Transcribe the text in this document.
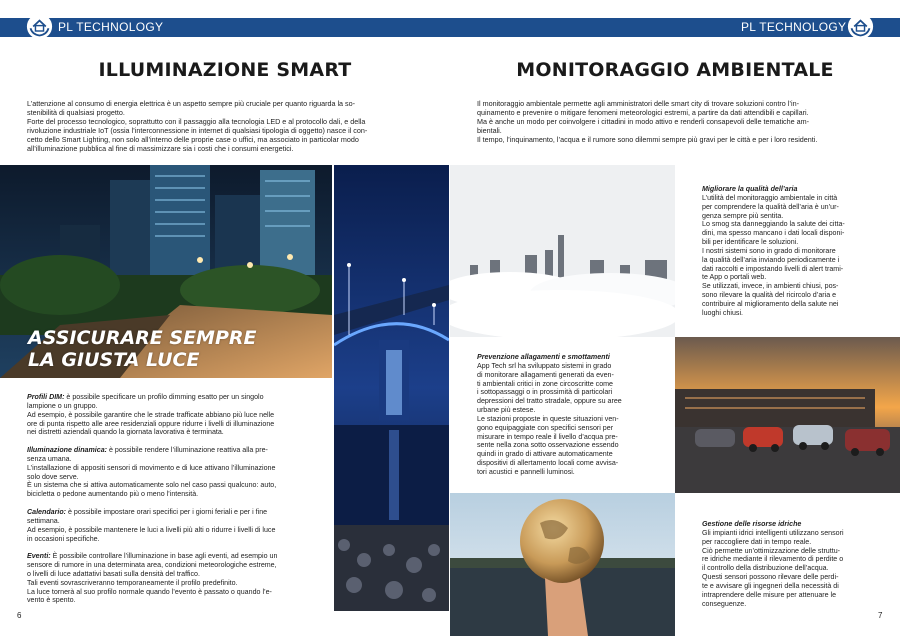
PL TECHNOLOGY	PL TECHNOLOGY
ILLUMINAZIONE SMART	MONITORAGGIO AMBIENTALE

L’attenzione al consumo di energia elettrica è un aspetto sempre più cruciale per quanto riguarda la so-

stenibilità di qualsiasi progetto.

Forte del processo tecnologico, soprattutto con il passaggio alla tecnologia LED e al protocollo dali, e della

rivoluzione industriale IoT (ossia l’interconnessione in internet di qualsiasi tipologia di oggetto) nasce il con-

cetto dello Smart Lighting, non solo all’interno delle proprie case o uffici, ma associato in particolar modo

all’illuminazione pubblica al fine di massimizzare sia i costi che i consumi energetici.

Il monitoraggio ambientale permette agli amministratori delle smart city di trovare soluzioni contro l’in-

quinamento e prevenire o mitigare fenomeni meteorologici estremi, a partire da dati attendibili e capillari.

Ma è anche un modo per coinvolgere i cittadini in modo attivo e renderli consapevoli delle tematiche am-

bientali.

Il tempo, l’inquinamento, l’acqua e il rumore sono dilemmi sempre più gravi per le città e per i loro residenti.

ASSICURARE SEMPRE
LA GIUSTA LUCE

Profili DIM: è possibile specificare un profilo dimming esatto per un singolo

lampione o un gruppo.

Ad esempio, è possibile garantire che le strade trafficate abbiano più luce nelle

ore di punta rispetto alle aree residenziali oppure ridurre i livelli di illuminazione

nei distretti aziendali quando la giornata lavorativa è terminata.

Illuminazione dinamica: è possibile rendere l’illuminazione reattiva alla pre-

senza umana.

L’installazione di appositi sensori di movimento e di luce attivano l’illuminazione

solo dove serve.

È un sistema che si attiva automaticamente solo nel caso passi qualcuno: auto,

bicicletta o pedone aumentando più o meno l’intensità.

Calendario: è possibile impostare orari specifici per i giorni feriali e per i fine

settimana.

Ad esempio, è possibile mantenere le luci a livelli più alti o ridurre i livelli di luce

in occasioni specifiche.

Eventi: È possibile controllare l’illuminazione in base agli eventi, ad esempio un

sensore di rumore in una determinata area, condizioni meteorologiche estreme,

o livelli di luce adattativi basati sulla densità del traffico.

Tali eventi sovrascriveranno temporaneamente il profilo predefinito.

La luce tornerà al suo profilo normale quando l’evento è passato o quando l’e-

vento è spento.

Migliorare la qualità dell’aria

L’utilità del monitoraggio ambientale in città

per comprendere la qualità dell’aria è un’ur-

genza sempre più sentita.

Lo smog sta danneggiando la salute dei citta-

dini, ma spesso mancano i dati locali disponi-

bili per identificare le soluzioni.

I nostri sistemi sono in grado di monitorare

la qualità dell’aria inviando periodicamente i

dati raccolti e impostando livelli di alert trami-

te App o portali web.

Se utilizzati, invece, in ambienti chiusi, pos-

sono rilevare la qualità del ricircolo d’aria e

contribuire al miglioramento della salute nei

luoghi chiusi.

Prevenzione allagamenti e smottamenti

App Tech srl ha sviluppato sistemi in grado

di monitorare allagamenti generati da even-

ti ambientali critici in zone circoscritte come

i sottopassaggi o in prossimità di particolari

depressioni del tratto stradale, oppure su aree

urbane più estese.

Le stazioni proposte in queste situazioni ven-

gono equipaggiate con specifici sensori per

misurare in tempo reale il livello d’acqua pre-

sente nella zona sotto osservazione essendo

quindi in grado di attivare automaticamente

dispositivi di allertamento locali come avvisa-

tori acustici e pannelli luminosi.

Gestione delle risorse idriche

Gli impianti idrici intelligenti utilizzano sensori

per raccogliere dati in tempo reale.

Ciò permette un’ottimizzazione delle struttu-

re idriche mediante il rilevamento di perdite o

il controllo della distribuzione dell’acqua.

Questi sensori possono rilevare delle perdi-

te e avvisare gli ingegneri della necessità di

intraprendere delle misure per attenuare le

conseguenze.

6	7
